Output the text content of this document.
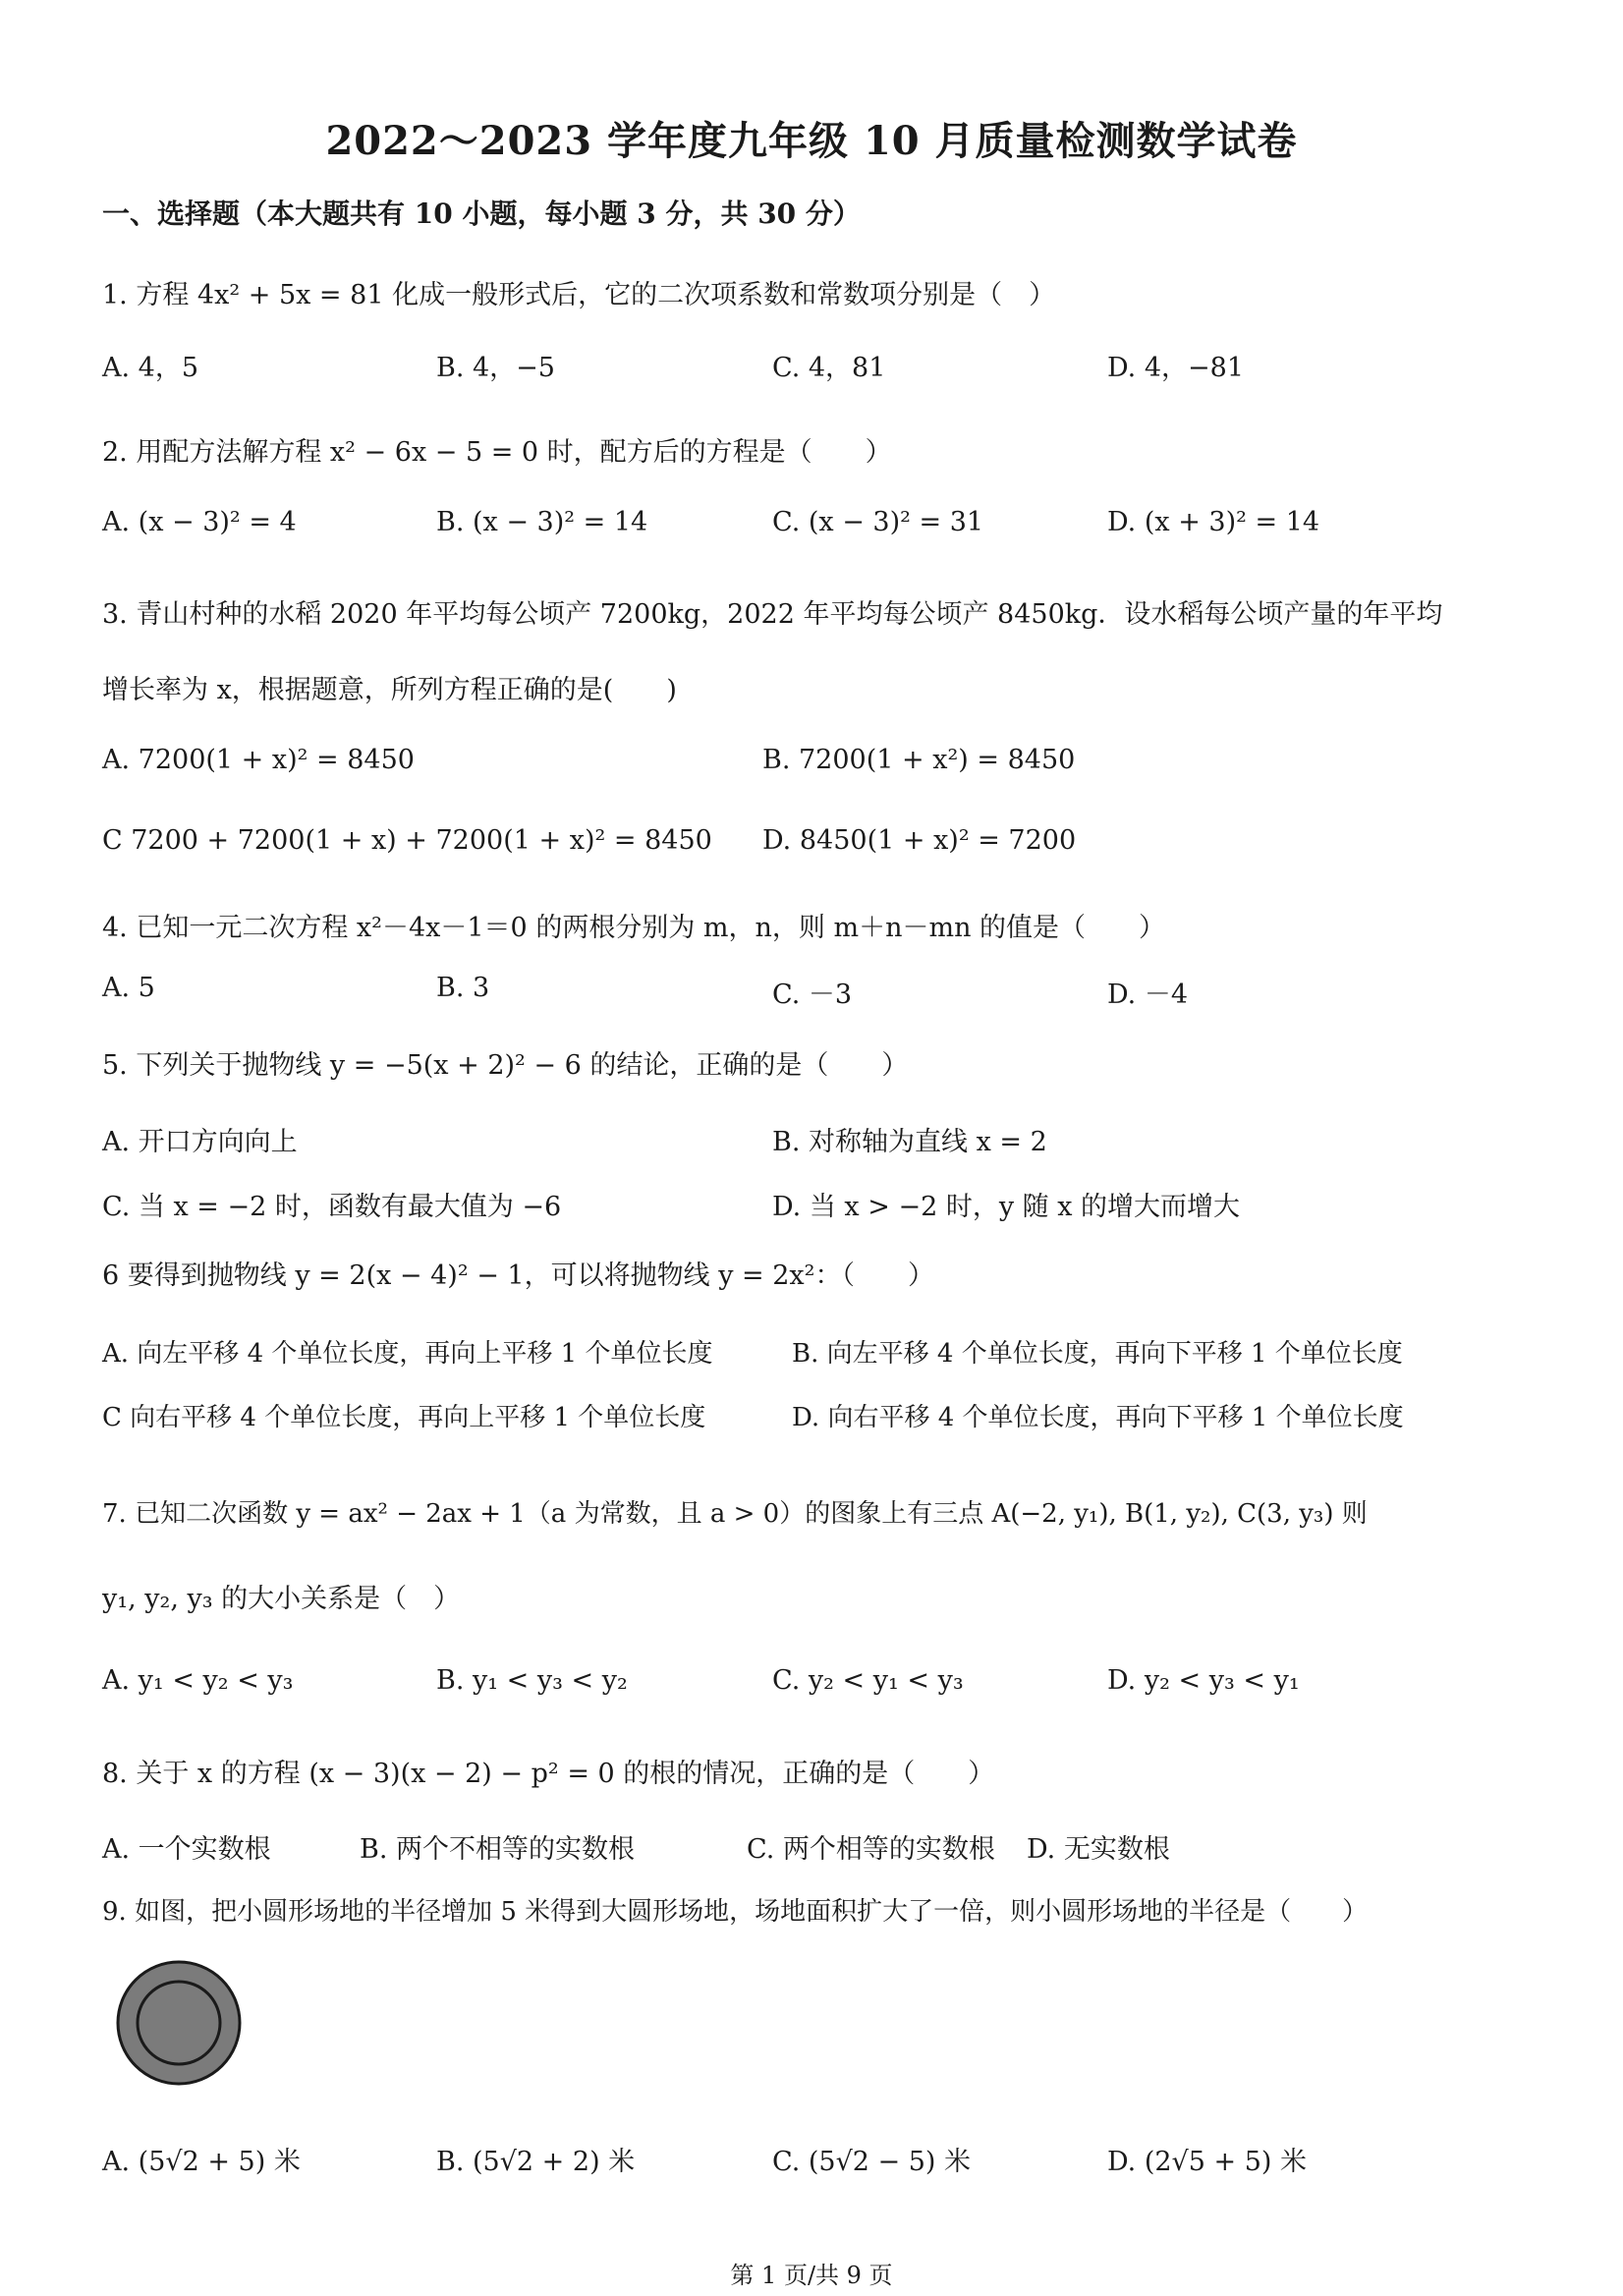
2022～2023 学年度九年级 10 月质量检测数学试卷
一、选择题（本大题共有 10 小题，每小题 3 分，共 30 分）
1. 方程 4x² + 5x = 81 化成一般形式后，它的二次项系数和常数项分别是（　）
A. 4，5	B. 4，−5	C. 4，81	D. 4，−81
2. 用配方法解方程 x² − 6x − 5 = 0 时，配方后的方程是（　　）
A. (x − 3)² = 4	B. (x − 3)² = 14	C. (x − 3)² = 31	D. (x + 3)² = 14
3. 青山村种的水稻 2020 年平均每公顷产 7200kg，2022 年平均每公顷产 8450kg．设水稻每公顷产量的年平均
增长率为 x，根据题意，所列方程正确的是(　　)
A. 7200(1 + x)² = 8450	B. 7200(1 + x²) = 8450
C 7200 + 7200(1 + x) + 7200(1 + x)² = 8450 D. 8450(1 + x)² = 7200
4. 已知一元二次方程 x²－4x－1＝0 的两根分别为 m，n，则 m＋n－mn 的值是（　　）
A. 5	B. 3	C. －3	D. －4
5. 下列关于抛物线 y = −5(x + 2)² − 6 的结论，正确的是（　　）
A. 开口方向向上	B. 对称轴为直线 x = 2
C. 当 x = −2 时，函数有最大值为 −6	D. 当 x > −2 时，y 随 x 的增大而增大
6 要得到抛物线 y = 2(x − 4)² − 1，可以将抛物线 y = 2x²：（　　）
A. 向左平移 4 个单位长度，再向上平移 1 个单位长度	B. 向左平移 4 个单位长度，再向下平移 1 个单位长度
C 向右平移 4 个单位长度，再向上平移 1 个单位长度	D. 向右平移 4 个单位长度，再向下平移 1 个单位长度
7. 已知二次函数 y = ax² − 2ax + 1（a 为常数，且 a > 0）的图象上有三点 A(−2, y₁), B(1, y₂), C(3, y₃) 则
y₁, y₂, y₃ 的大小关系是（　）
A. y₁ < y₂ < y₃	B. y₁ < y₃ < y₂	C. y₂ < y₁ < y₃	D. y₂ < y₃ < y₁
8. 关于 x 的方程 (x − 3)(x − 2) − p² = 0 的根的情况，正确的是（　　）
A. 一个实数根	B. 两个不相等的实数根	C. 两个相等的实数根 D. 无实数根
9. 如图，把小圆形场地的半径增加 5 米得到大圆形场地，场地面积扩大了一倍，则小圆形场地的半径是（　　）
A. (5√2 + 5) 米	B. (5√2 + 2) 米	C. (5√2 − 5) 米	D. (2√5 + 5) 米
第 1 页/共 9 页
